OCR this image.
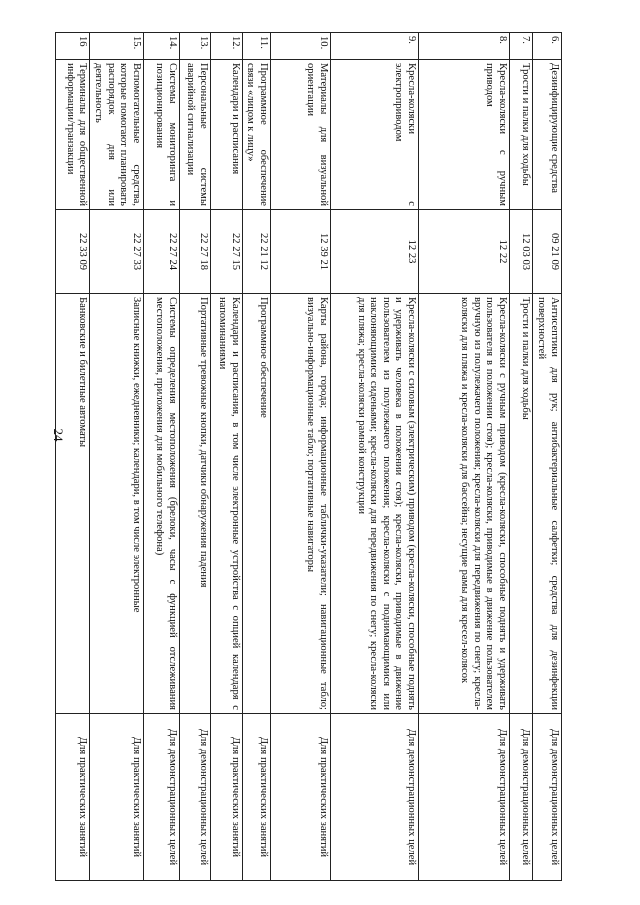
24
6.	Дезинфицирующие средства	09 21 09	Антисептики для рук; антибактериальные салфетки; средства для дезинфекции поверхностей	Для демонстрационных целей
7.	Трости и палки для ходьбы	12 03 03	Трости и палки для ходьбы	Для демонстрационных целей
8.	Кресла-коляски с ручным приводом	12 22	Кресла-коляски с ручным приводом (кресла-коляски, способные поднять и удерживать пользователя в положении стоя); кресла-коляски, приводимые в движение пользователем вручную из полулежачего положения; кресла-коляски для передвижения по снегу; кресла-коляски для пляжа и кресла-коляски для бассейна; несущие рамы для кресел-колясок	Для демонстрационных целей
9.	Кресла-коляски с электроприводом	12 23	Кресла-коляски с силовым (электрическим) приводом (кресла-коляски, способные поднять и удерживать человека в положении стоя); кресла-коляски, приводимые в движение пользователем из полулежачего положения; кресла-коляски с поднимающимися или наклоняющимися сиденьями; кресла-коляски для передвижения по снегу; кресла-коляски для пляжа; кресла-коляски рамной конструкции	Для демонстрационных целей
10.	Материалы для визуальной ориентации	12 39 21	Карты района, города; информационные таблички-указатели; навигационные табло; визуально-информационные табло; портативные навигаторы	Для практических занятий
11.	Программное обеспечение связи «лицом к лицу»	22 21 12	Программное обеспечение	Для практических занятий
12.	Календари и расписания	22 27 15	Календари и расписания, в том числе электронные устройства с опцией календаря с напоминаниями	Для практических занятий
13.	Персональные системы аварийной сигнализации	22 27 18	Портативные тревожные кнопки, датчики обнаружения падения	Для демонстрационных целей
14.	Системы мониторинга и позиционирования	22 27 24	Системы определения местоположения (брелоки, часы с функцией отслеживания местоположения, приложения для мобильного телефона)	Для демонстрационных целей
15.	Вспомогательные средства, которые помогают планировать распорядок дня или деятельность	22 27 33	Записные книжки, ежедневники; календари, в том числе электронные	Для практических занятий
16	Терминалы для общественной информации/транзакции	22 33 09	Банковские и билетные автоматы	Для практических занятий
